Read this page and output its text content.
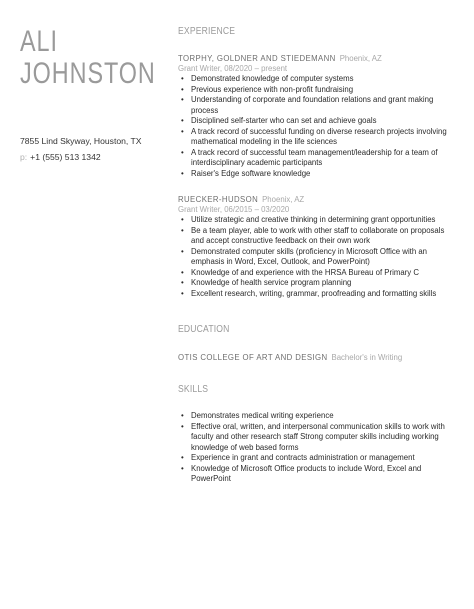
ALI
JOHNSTON
7855 Lind Skyway, Houston, TX
p: +1 (555) 513 1342
EXPERIENCE
TORPHY, GOLDNER AND STIEDEMANN Phoenix, AZ
Grant Writer, 08/2020 – present
• Demonstrated knowledge of computer systems
• Previous experience with non-profit fundraising
• Understanding of corporate and foundation relations and grant making process
• Disciplined self-starter who can set and achieve goals
• A track record of successful funding on diverse research projects involving mathematical modeling in the life sciences
• A track record of successful team management/leadership for a team of interdisciplinary academic participants
• Raiser's Edge software knowledge
RUECKER-HUDSON Phoenix, AZ
Grant Writer, 06/2015 – 03/2020
• Utilize strategic and creative thinking in determining grant opportunities
• Be a team player, able to work with other staff to collaborate on proposals and accept constructive feedback on their own work
• Demonstrated computer skills (proficiency in Microsoft Office with an emphasis in Word, Excel, Outlook, and PowerPoint)
• Knowledge of and experience with the HRSA Bureau of Primary C
• Knowledge of health service program planning
• Excellent research, writing, grammar, proofreading and formatting skills
EDUCATION
OTIS COLLEGE OF ART AND DESIGN Bachelor's in Writing
SKILLS
• Demonstrates medical writing experience
• Effective oral, written, and interpersonal communication skills to work with faculty and other research staff Strong computer skills including working knowledge of web based forms
• Experience in grant and contracts administration or management
• Knowledge of Microsoft Office products to include Word, Excel and PowerPoint
